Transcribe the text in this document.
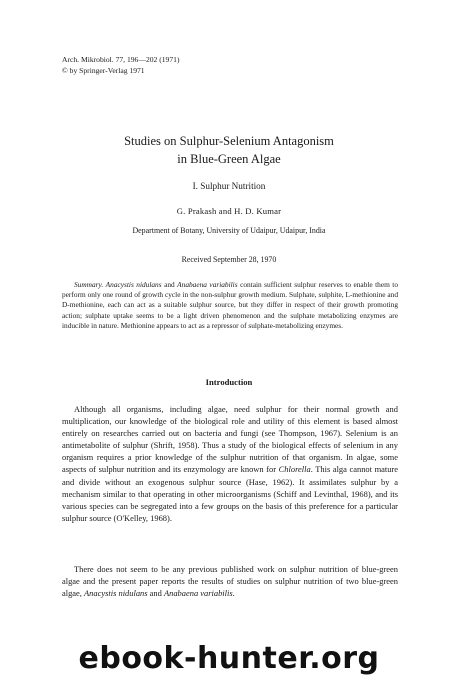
Arch. Mikrobiol. 77, 196—202 (1971)
© by Springer-Verlag 1971
Studies on Sulphur-Selenium Antagonism
in Blue-Green Algae
I. Sulphur Nutrition
G. Prakash and H. D. Kumar
Department of Botany, University of Udaipur, Udaipur, India
Received September 28, 1970

Summary. Anacystis nidulans and Anabaena variabilis contain sufficient sulphur reserves to enable them to perform only one round of growth cycle in the non-sulphur growth medium. Sulphate, sulphite, L-methionine and D-methionine, each can act as a suitable sulphur source, but they differ in respect of their growth promoting action; sulphate uptake seems to be a light driven phenomenon and the sulphate metabolizing enzymes are inducible in nature. Methionine appears to act as a repressor of sulphate-metabolizing enzymes.

Introduction

Although all organisms, including algae, need sulphur for their normal growth and multiplication, our knowledge of the biological role and utility of this element is based almost entirely on researches carried out on bacteria and fungi (see Thompson, 1967). Selenium is an antimetabolite of sulphur (Shrift, 1958). Thus a study of the biological effects of selenium in any organism requires a prior knowledge of the sulphur nutrition of that organism. In algae, some aspects of sulphur nutrition and its enzymology are known for Chlorella. This alga cannot mature and divide without an exogenous sulphur source (Hase, 1962). It assimilates sulphur by a mechanism similar to that operating in other microorganisms (Schiff and Levinthal, 1968), and its various species can be segregated into a few groups on the basis of this preference for a particular sulphur source (O'Kelley, 1968).

There does not seem to be any previous published work on sulphur nutrition of blue-green algae and the present paper reports the results of studies on sulphur nutrition of two blue-green algae, Anacystis nidulans and Anabaena variabilis.

ebook-hunter.org
